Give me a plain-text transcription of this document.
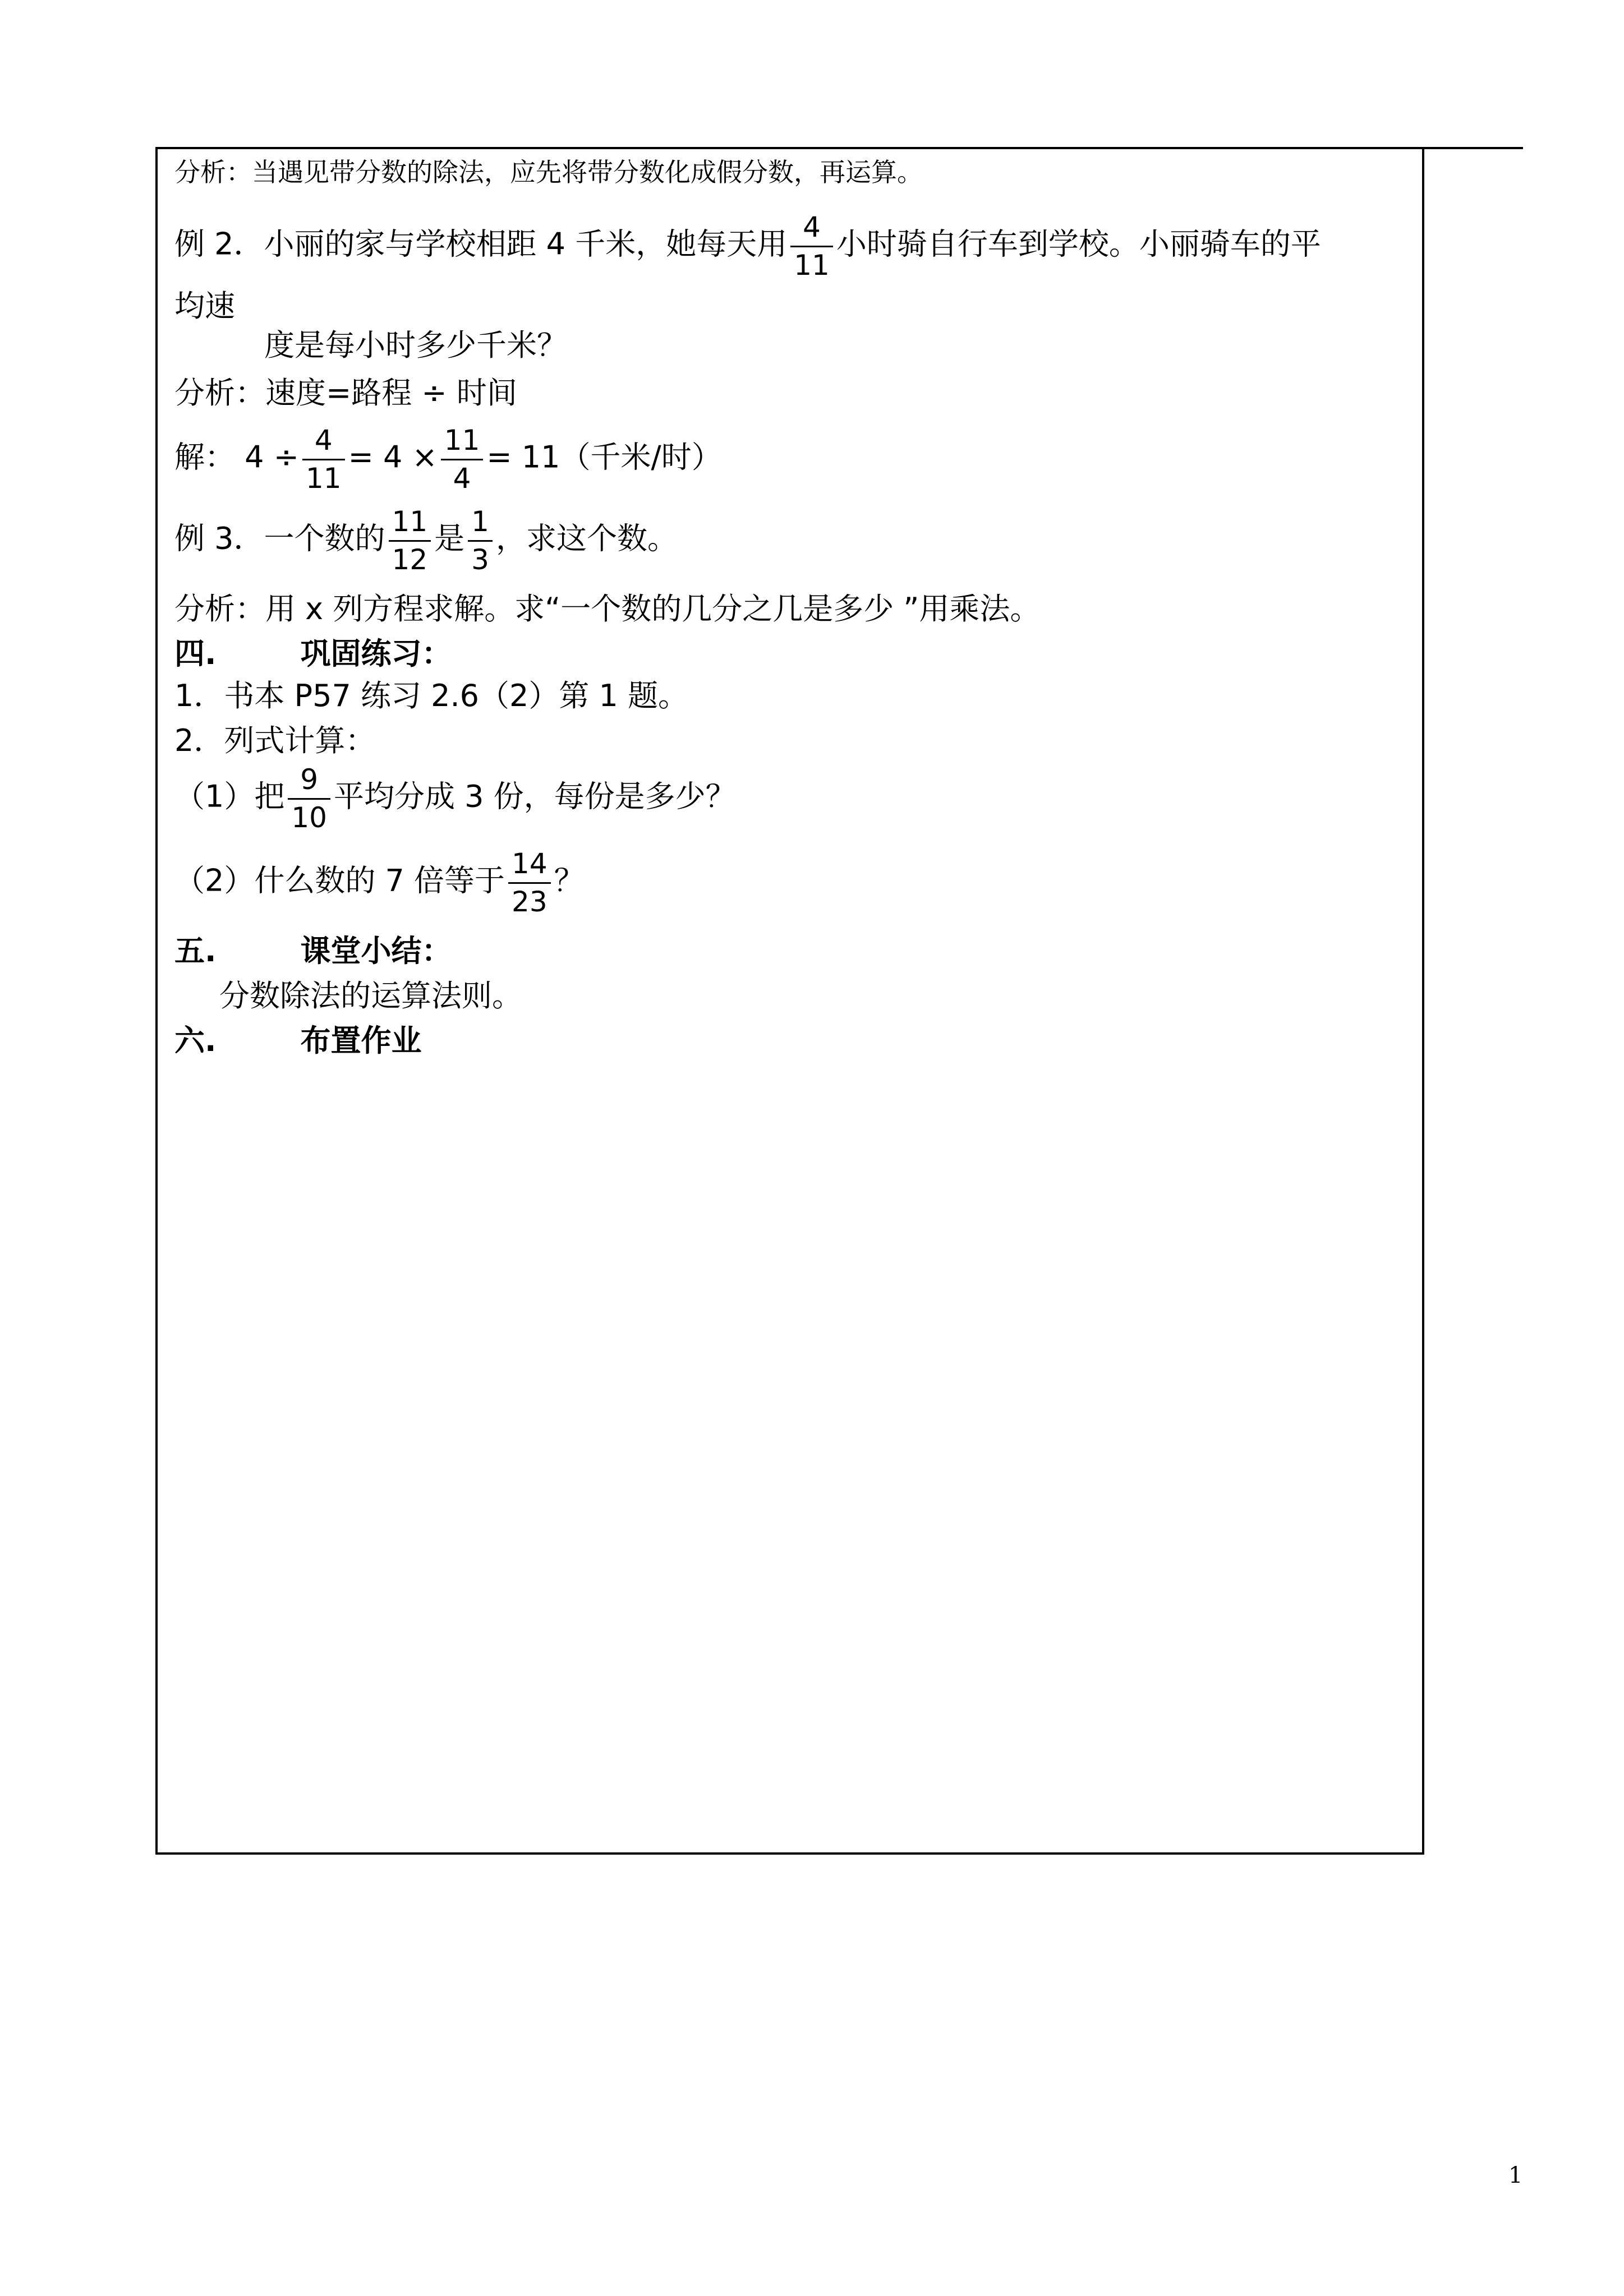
分析：当遇见带分数的除法，应先将带分数化成假分数，再运算。
例 2．小丽的家与学校相距 4 千米，她每天用 $\frac{4}{11}$ 小时骑自行车到学校。小丽骑车的平
均速
度是每小时多少千米？
分析：速度=路程 ÷ 时间
解： $4 \div \frac{4}{11} = 4 \times \frac{11}{4} = 11$（千米/时）
例 3．一个数的 $\frac{11}{12}$ 是 $\frac{1}{3}$ ，求这个数。
分析：用 x 列方程求解。求“一个数的几分之几是多少 ”用乘法。
四.	巩固练习：
1．书本 P57 练习 2.6（2）第 1 题。
2．列式计算：
（1）把 $\frac{9}{10}$ 平均分成 3 份，每份是多少？
（2）什么数的 7 倍等于 $\frac{14}{23}$ ？
五.	课堂小结：
分数除法的运算法则。
六.	布置作业
1
